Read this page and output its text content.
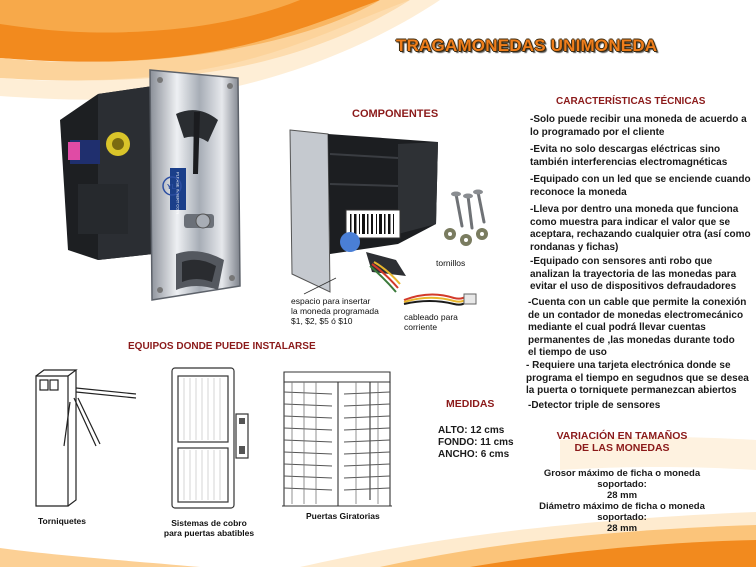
TRAGAMONEDAS UNIMONEDA
PLEASE INSERT COIN
YL
COMPONENTES
tornillos
cableado para
corriente
espacio para insertar
la moneda programada
$1, $2, $5 ó $10
EQUIPOS DONDE PUEDE INSTALARSE
Torniquetes	Sistemas de cobro
para puertas abatibles
Puertas Giratorias
MEDIDAS
ALTO: 12 cms
FONDO: 11 cms
ANCHO: 6 cms
CARACTERÍSTICAS TÉCNICAS
-Solo puede recibir una moneda de acuerdo a
lo programado por el cliente
-Evita no solo descargas eléctricas sino
también interferencias electromagnéticas
-Equipado con un led que se enciende cuando
reconoce la moneda
-Lleva por dentro una moneda que funciona
como muestra para indicar el valor que se
aceptara, rechazando cualquier otra (así como
rondanas y fichas)
-Equipado con sensores anti robo que
analizan la trayectoria de las monedas para
evitar el uso de dispositivos defraudadores
-Cuenta con un cable que permite la conexión
de un contador de monedas electromecánico
mediante el cual podrá llevar cuentas
permanentes de ,las monedas durante todo
el tiempo de uso
- Requiere una tarjeta electrónica donde se
programa el tiempo en segudnos que se desea
la puerta o torniquete permanezcan abiertos
-Detector triple de sensores
VARIACIÓN EN TAMAÑOS
DE LAS MONEDAS
Grosor máximo de ficha o moneda
soportado:
28 mm
Diámetro máximo de ficha o moneda
soportado:
28 mm
